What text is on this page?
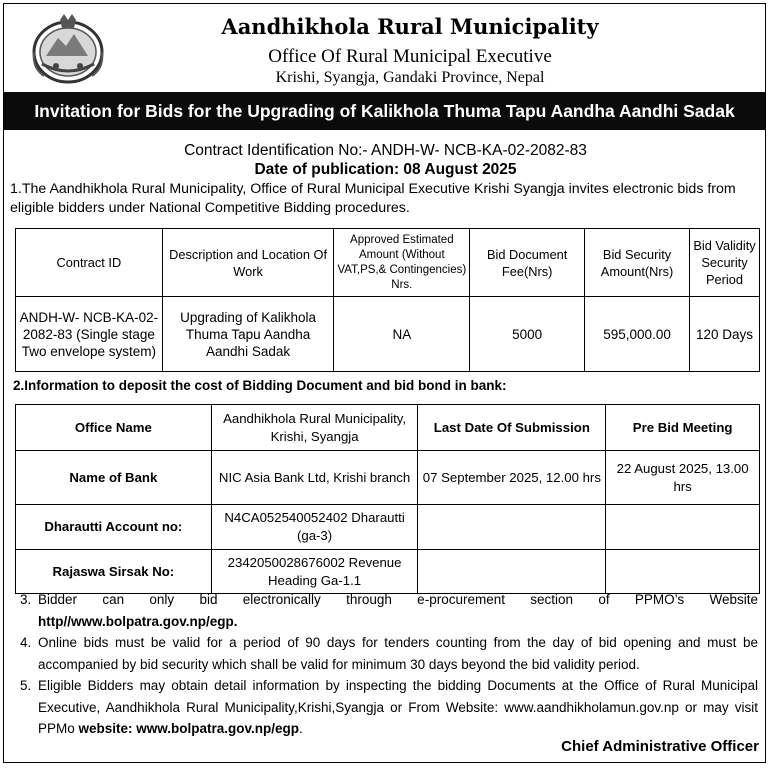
Aandhikhola Rural Municipality
Office Of Rural Municipal Executive
Krishi, Syangja, Gandaki Province, Nepal
Invitation for Bids for the Upgrading of Kalikhola Thuma Tapu Aandha Aandhi Sadak
Contract Identification No:- ANDH-W- NCB-KA-02-2082-83
Date of publication: 08 August 2025
1.The Aandhikhola Rural Municipality, Office of Rural Municipal Executive Krishi Syangja invites electronic bids from eligible bidders under National Competitive Bidding procedures.
Contract ID	Description and Location Of Work	Approved Estimated Amount (Without VAT,PS,& Contingencies) Nrs.	Bid Document Fee(Nrs)	Bid Security Amount(Nrs)	Bid Validity Security Period
ANDH-W- NCB-KA-02-2082-83 (Single stage Two envelope system)	Upgrading of Kalikhola Thuma Tapu Aandha Aandhi Sadak	NA	5000	595,000.00	120 Days
2.Information to deposit the cost of Bidding Document and bid bond in bank:
Office Name	Aandhikhola Rural Municipality, Krishi, Syangja	Last Date Of Submission	Pre Bid Meeting
Name of Bank	NIC Asia Bank Ltd, Krishi branch	07 September 2025, 12.00 hrs	22 August 2025, 13.00 hrs
Dharautti Account no:	N4CA052540052402 Dharautti (ga-3)		
Rajaswa Sirsak No:	2342050028676002 Revenue Heading Ga-1.1		
3. Bidder can only bid electronically through e-procurement section of PPMO’s Website
http//www.bolpatra.gov.np/egp.
4. Online bids must be valid for a period of 90 days for tenders counting from the day of bid opening and must be accompanied by bid security which shall be valid for minimum 30 days beyond the bid validity period.
5. Eligible Bidders may obtain detail information by inspecting the bidding Documents at the Office of Rural Municipal Executive, Aandhikhola Rural Municipality,Krishi,Syangja or From Website: www.aandhikholamun.gov.np or may visit PPMo website: www.bolpatra.gov.np/egp.
Chief Administrative Officer
